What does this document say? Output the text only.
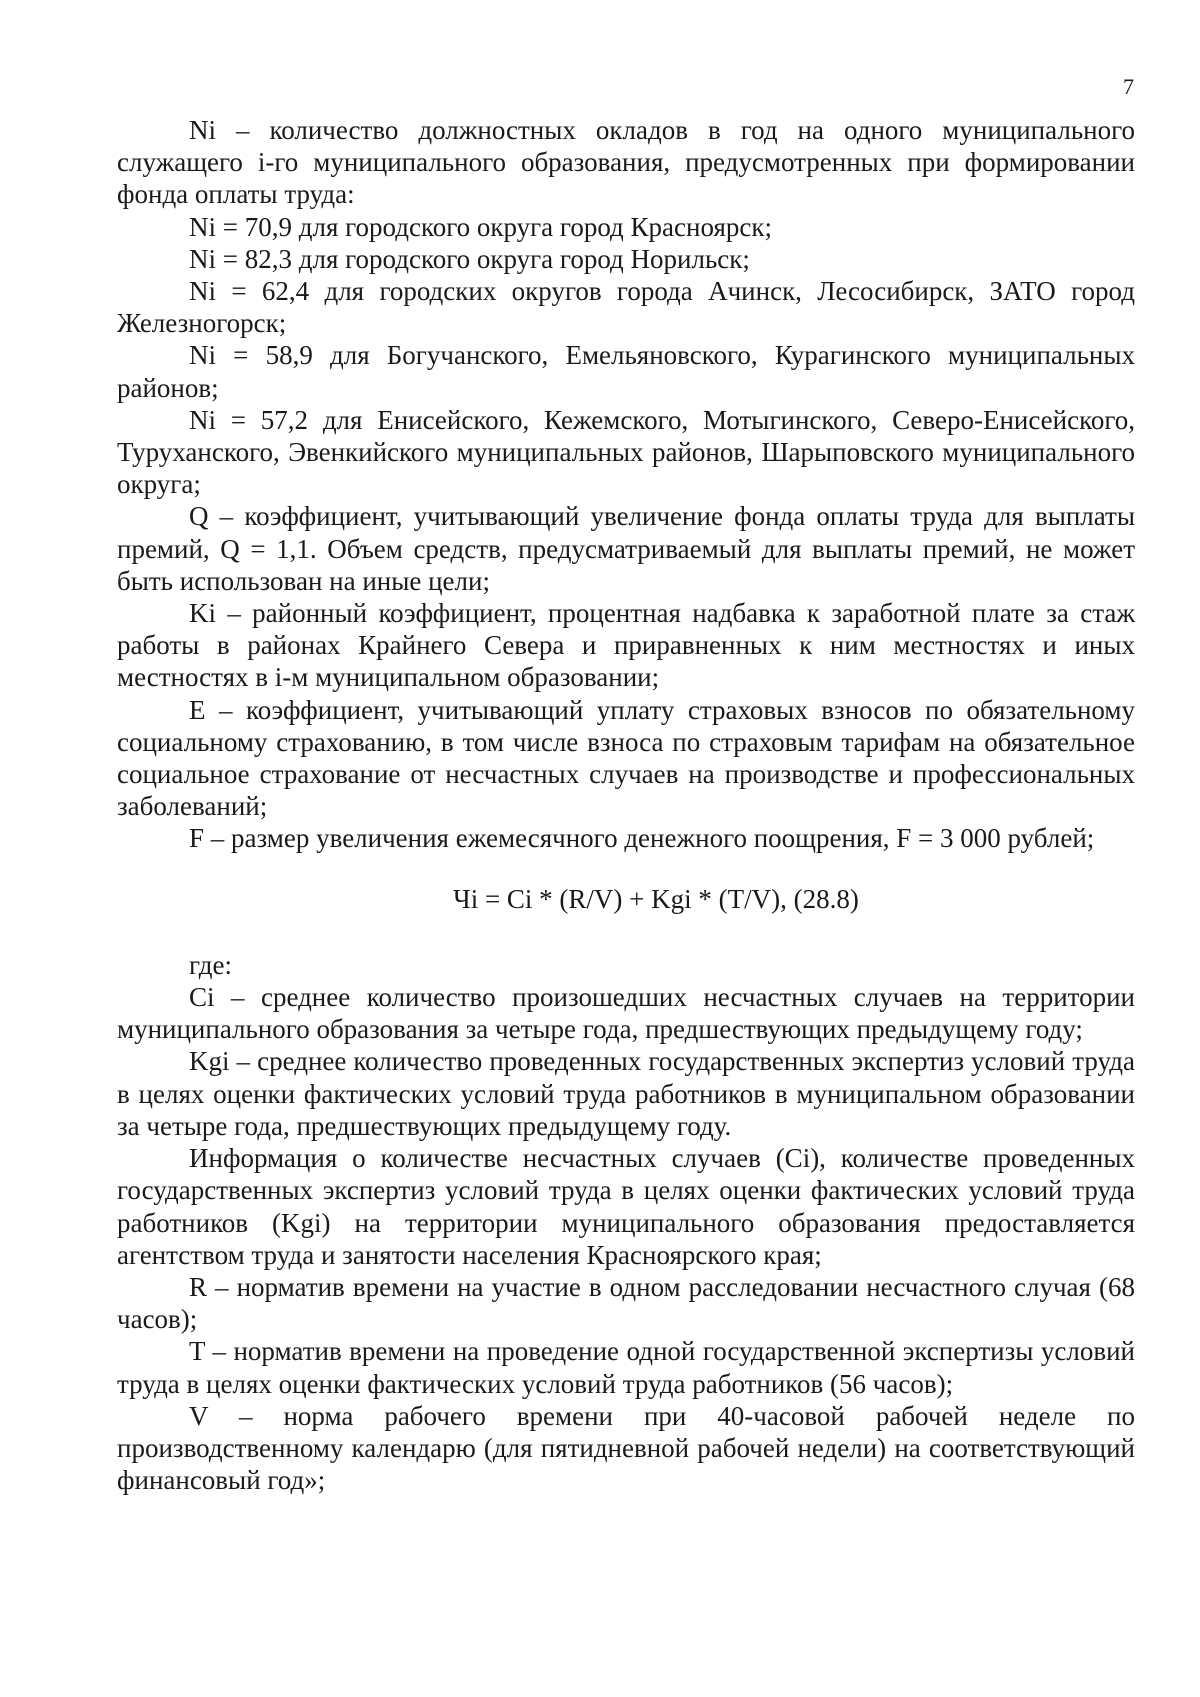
7

Ni – количество должностных окладов в год на одного муниципального служащего i-го муниципального образования, предусмотренных при формировании фонда оплаты труда:

Ni = 70,9 для городского округа город Красноярск;

Ni = 82,3 для городского округа город Норильск;

Ni = 62,4 для городских округов города Ачинск, Лесосибирск, ЗАТО город Железногорск;

Ni = 58,9 для Богучанского, Емельяновского, Курагинского муниципальных районов;

Ni = 57,2 для Енисейского, Кежемского, Мотыгинского, Северо-Енисейского, Туруханского, Эвенкийского муниципальных районов, Шарыповского муниципального округа;

Q – коэффициент, учитывающий увеличение фонда оплаты труда для выплаты премий, Q = 1,1. Объем средств, предусматриваемый для выплаты премий, не может быть использован на иные цели;

Ki – районный коэффициент, процентная надбавка к заработной плате за стаж работы в районах Крайнего Севера и приравненных к ним местностях и иных местностях в i-м муниципальном образовании;

Е – коэффициент, учитывающий уплату страховых взносов по обязательному социальному страхованию, в том числе взноса по страховым тарифам на обязательное социальное страхование от несчастных случаев на производстве и профессиональных заболеваний;

F – размер увеличения ежемесячного денежного поощрения, F = 3 000 рублей;

Чi = Ci * (R/V) + Kgi * (T/V), (28.8)

где:

Ci – среднее количество произошедших несчастных случаев на территории муниципального образования за четыре года, предшествующих предыдущему году;

Kgi – среднее количество проведенных государственных экспертиз условий труда в целях оценки фактических условий труда работников в муниципальном образовании за четыре года, предшествующих предыдущему году.

Информация о количестве несчастных случаев (Ci), количестве проведенных государственных экспертиз условий труда в целях оценки фактических условий труда работников (Kgi) на территории муниципального образования предоставляется агентством труда и занятости населения Красноярского края;

R – норматив времени на участие в одном расследовании несчастного случая (68 часов);

T – норматив времени на проведение одной государственной экспертизы условий труда в целях оценки фактических условий труда работников (56 часов);

V – норма рабочего времени при 40-часовой рабочей неделе по производственному календарю (для пятидневной рабочей недели) на соответствующий финансовый год»;
